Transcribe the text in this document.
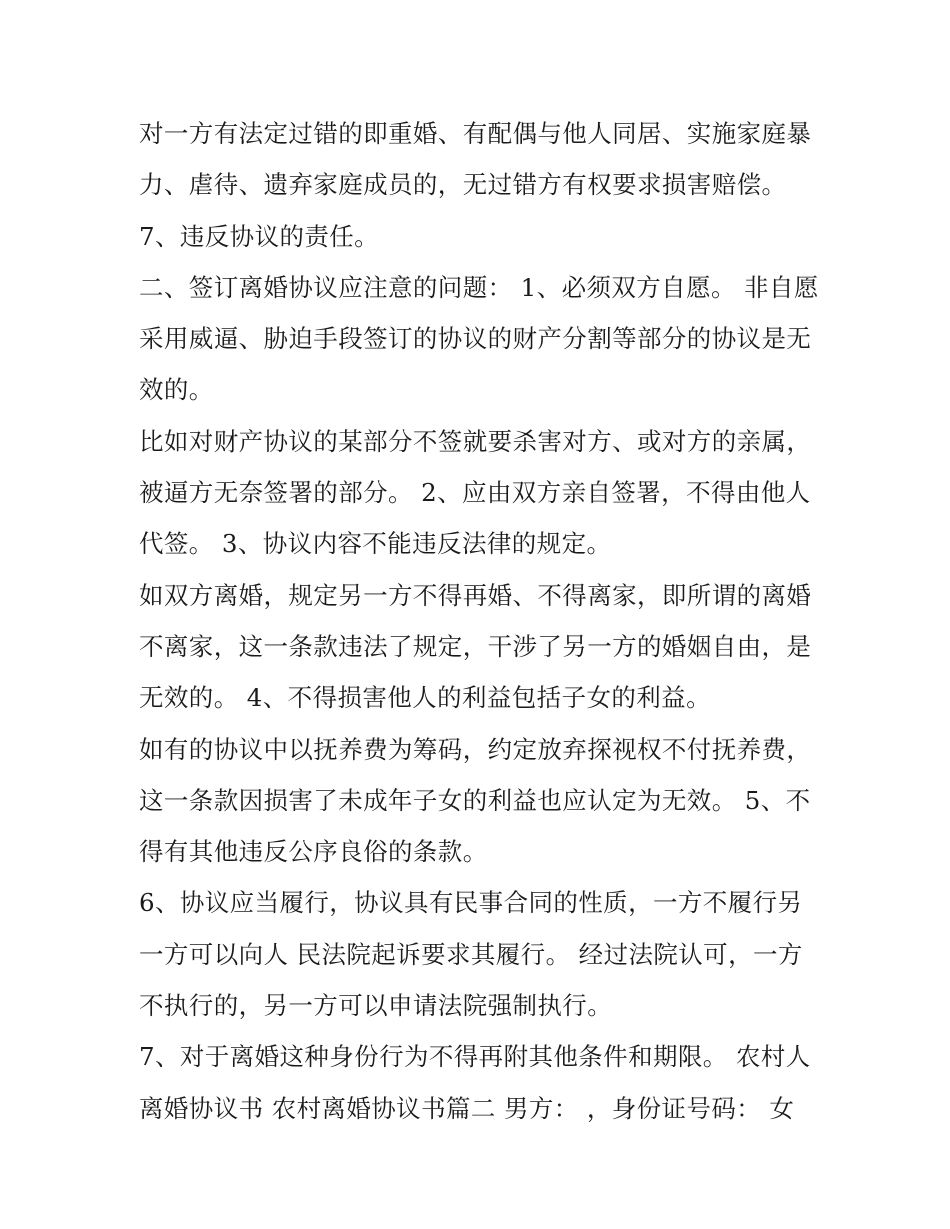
对一方有法定过错的即重婚、有配偶与他人同居、实施家庭暴
力、虐待、遗弃家庭成员的，无过错方有权要求损害赔偿。
7、违反协议的责任。
二、签订离婚协议应注意的问题： 1、必须双方自愿。 非自愿
采用威逼、胁迫手段签订的协议的财产分割等部分的协议是无
效的。
比如对财产协议的某部分不签就要杀害对方、或对方的亲属，
被逼方无奈签署的部分。 2、应由双方亲自签署，不得由他人
代签。 3、协议内容不能违反法律的规定。
如双方离婚，规定另一方不得再婚、不得离家，即所谓的离婚
不离家，这一条款违法了规定，干涉了另一方的婚姻自由，是
无效的。 4、不得损害他人的利益包括子女的利益。
如有的协议中以抚养费为筹码，约定放弃探视权不付抚养费，
这一条款因损害了未成年子女的利益也应认定为无效。 5、不
得有其他违反公序良俗的条款。
6、协议应当履行，协议具有民事合同的性质，一方不履行另
一方可以向人 民法院起诉要求其履行。 经过法院认可，一方
不执行的，另一方可以申请法院强制执行。
7、对于离婚这种身份行为不得再附其他条件和期限。 农村人
离婚协议书 农村离婚协议书篇二 男方： ，身份证号码： 女
